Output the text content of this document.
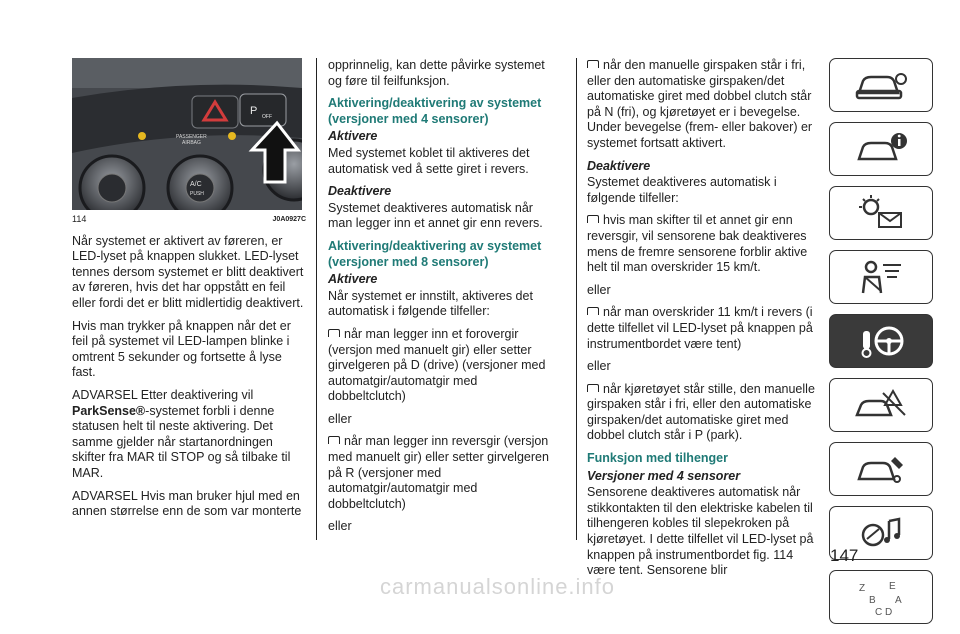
P OFF
PASSENGER
AIRBAG
A/C
PUSH
114	J0A0927C

Når systemet er aktivert av føreren, er LED-lyset på knappen slukket. LED-lyset tennes dersom systemet er blitt deaktivert av føreren, hvis det har oppstått en feil eller fordi det er blitt midlertidig deaktivert.

Hvis man trykker på knappen når det er feil på systemet vil LED-lampen blinke i omtrent 5 sekunder og fortsette å lyse fast.

ADVARSEL Etter deaktivering vil ParkSense®-systemet forbli i denne statusen helt til neste aktivering. Det samme gjelder når startanordningen skifter fra MAR til STOP og så tilbake til MAR.

ADVARSEL Hvis man bruker hjul med en annen størrelse enn de som var monterte

opprinnelig, kan dette påvirke systemet og føre til feilfunksjon.

Aktivering/deaktivering av systemet (versjoner med 4 sensorer)
Aktivere

Med systemet koblet til aktiveres det automatisk ved å sette giret i revers.

Deaktivere

Systemet deaktiveres automatisk når man legger inn et annet gir enn revers.

Aktivering/deaktivering av systemet (versjoner med 8 sensorer)
Aktivere

Når systemet er innstilt, aktiveres det automatisk i følgende tilfeller:

når man legger inn et forovergir (versjon med manuelt gir) eller setter girvelgeren på D (drive) (versjoner med automatgir/automatgir med dobbeltclutch)

eller

når man legger inn reversgir (versjon med manuelt gir) eller setter girvelgeren på R (versjoner med automatgir/automatgir med dobbeltclutch)

eller

når den manuelle girspaken står i fri, eller den automatiske girspaken/det automatiske giret med dobbel clutch står på N (fri), og kjøretøyet er i bevegelse. Under bevegelse (frem- eller bakover) er systemet fortsatt aktivert.

Deaktivere

Systemet deaktiveres automatisk i følgende tilfeller:

hvis man skifter til et annet gir enn reversgir, vil sensorene bak deaktiveres mens de fremre sensorene forblir aktive helt til man overskrider 15 km/t.

eller

når man overskrider 11 km/t i revers (i dette tilfellet vil LED-lyset på knappen på instrumentbordet være tent)

eller

når kjøretøyet står stille, den manuelle girspaken står i fri, eller den automatiske girspaken/det automatiske giret med dobbel clutch står i P (park).

Funksjon med tilhenger
Versjoner med 4 sensorer

Sensorene deaktiveres automatisk når stikkontakten til den elektriske kabelen til tilhengeren kobles til slepekroken på kjøretøyet. I dette tilfellet vil LED-lyset på knappen på instrumentbordet fig. 114 være tent. Sensorene blir

Z E
B A
C D
147
carmanualsonline.info
